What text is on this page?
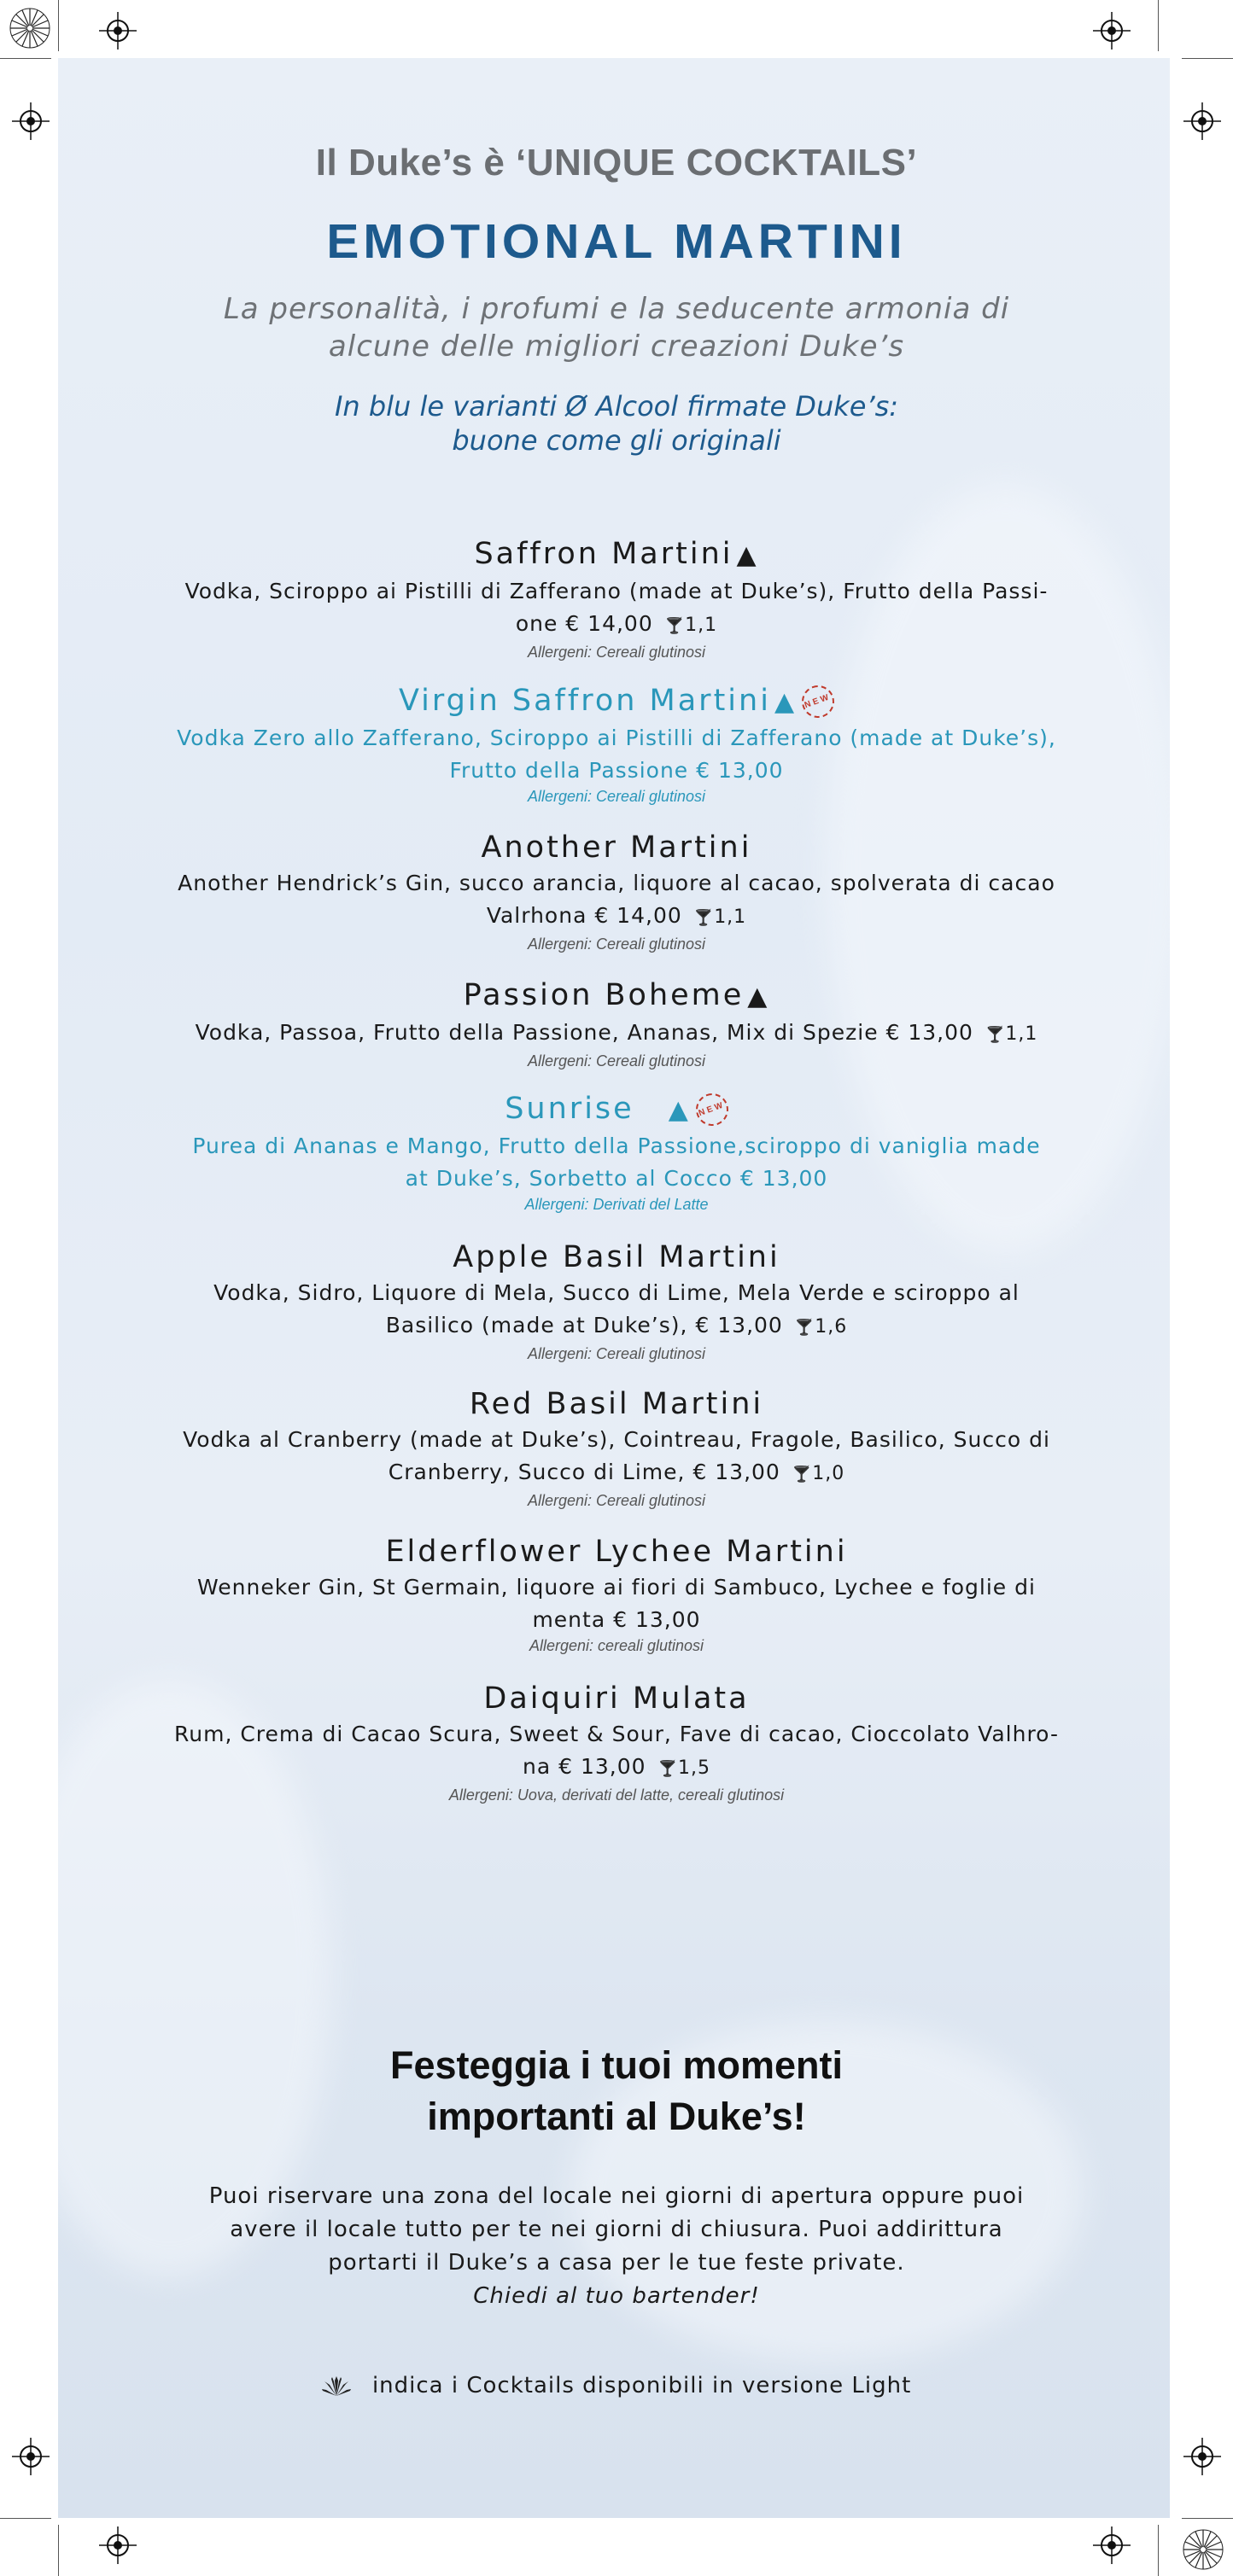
Il Duke’s è ‘UNIQUE COCKTAILS’
EMOTIONAL MARTINI
La personalità, i profumi e la seducente armonia di
alcune delle migliori creazioni Duke’s
In blu le varianti Ø Alcool firmate Duke’s:
buone come gli originali
Saffron Martini ▲
Vodka, Sciroppo ai Pistilli di Zafferano (made at Duke’s), Frutto della Passi-
one € 14,00 🍸1,1
Allergeni: Cereali glutinosi
Virgin Saffron Martini ▲ NEW
Vodka Zero allo Zafferano, Sciroppo ai Pistilli di Zafferano (made at Duke’s),
Frutto della Passione € 13,00
Allergeni: Cereali glutinosi
Another Martini
Another Hendrick’s Gin, succo arancia, liquore al cacao, spolverata di cacao
Valrhona € 14,00 🍸1,1
Allergeni: Cereali glutinosi
Passion Boheme ▲
Vodka, Passoa, Frutto della Passione, Ananas, Mix di Spezie € 13,00 🍸1,1
Allergeni: Cereali glutinosi
Sunrise ▲ NEW
Purea di Ananas e Mango, Frutto della Passione,sciroppo di vaniglia made
at Duke’s, Sorbetto al Cocco € 13,00
Allergeni: Derivati del Latte
Apple Basil Martini
Vodka, Sidro, Liquore di Mela, Succo di Lime, Mela Verde e sciroppo al
Basilico (made at Duke’s), € 13,00 🍸1,6
Allergeni: Cereali glutinosi
Red Basil Martini
Vodka al Cranberry (made at Duke’s), Cointreau, Fragole, Basilico, Succo di
Cranberry, Succo di Lime, € 13,00 🍸1,0
Allergeni: Cereali glutinosi
Elderflower Lychee Martini
Wenneker Gin, St Germain, liquore ai fiori di Sambuco, Lychee e foglie di
menta € 13,00
Allergeni: cereali glutinosi
Daiquiri Mulata
Rum, Crema di Cacao Scura, Sweet & Sour, Fave di cacao, Cioccolato Valhro-
na € 13,00 🍸1,5
Allergeni: Uova, derivati del latte, cereali glutinosi
Festeggia i tuoi momenti
importanti al Duke’s!
Puoi riservare una zona del locale nei giorni di apertura oppure puoi
avere il locale tutto per te nei giorni di chiusura. Puoi addirittura
portarti il Duke’s a casa per le tue feste private.
Chiedi al tuo bartender!
indica i Cocktails disponibili in versione Light
